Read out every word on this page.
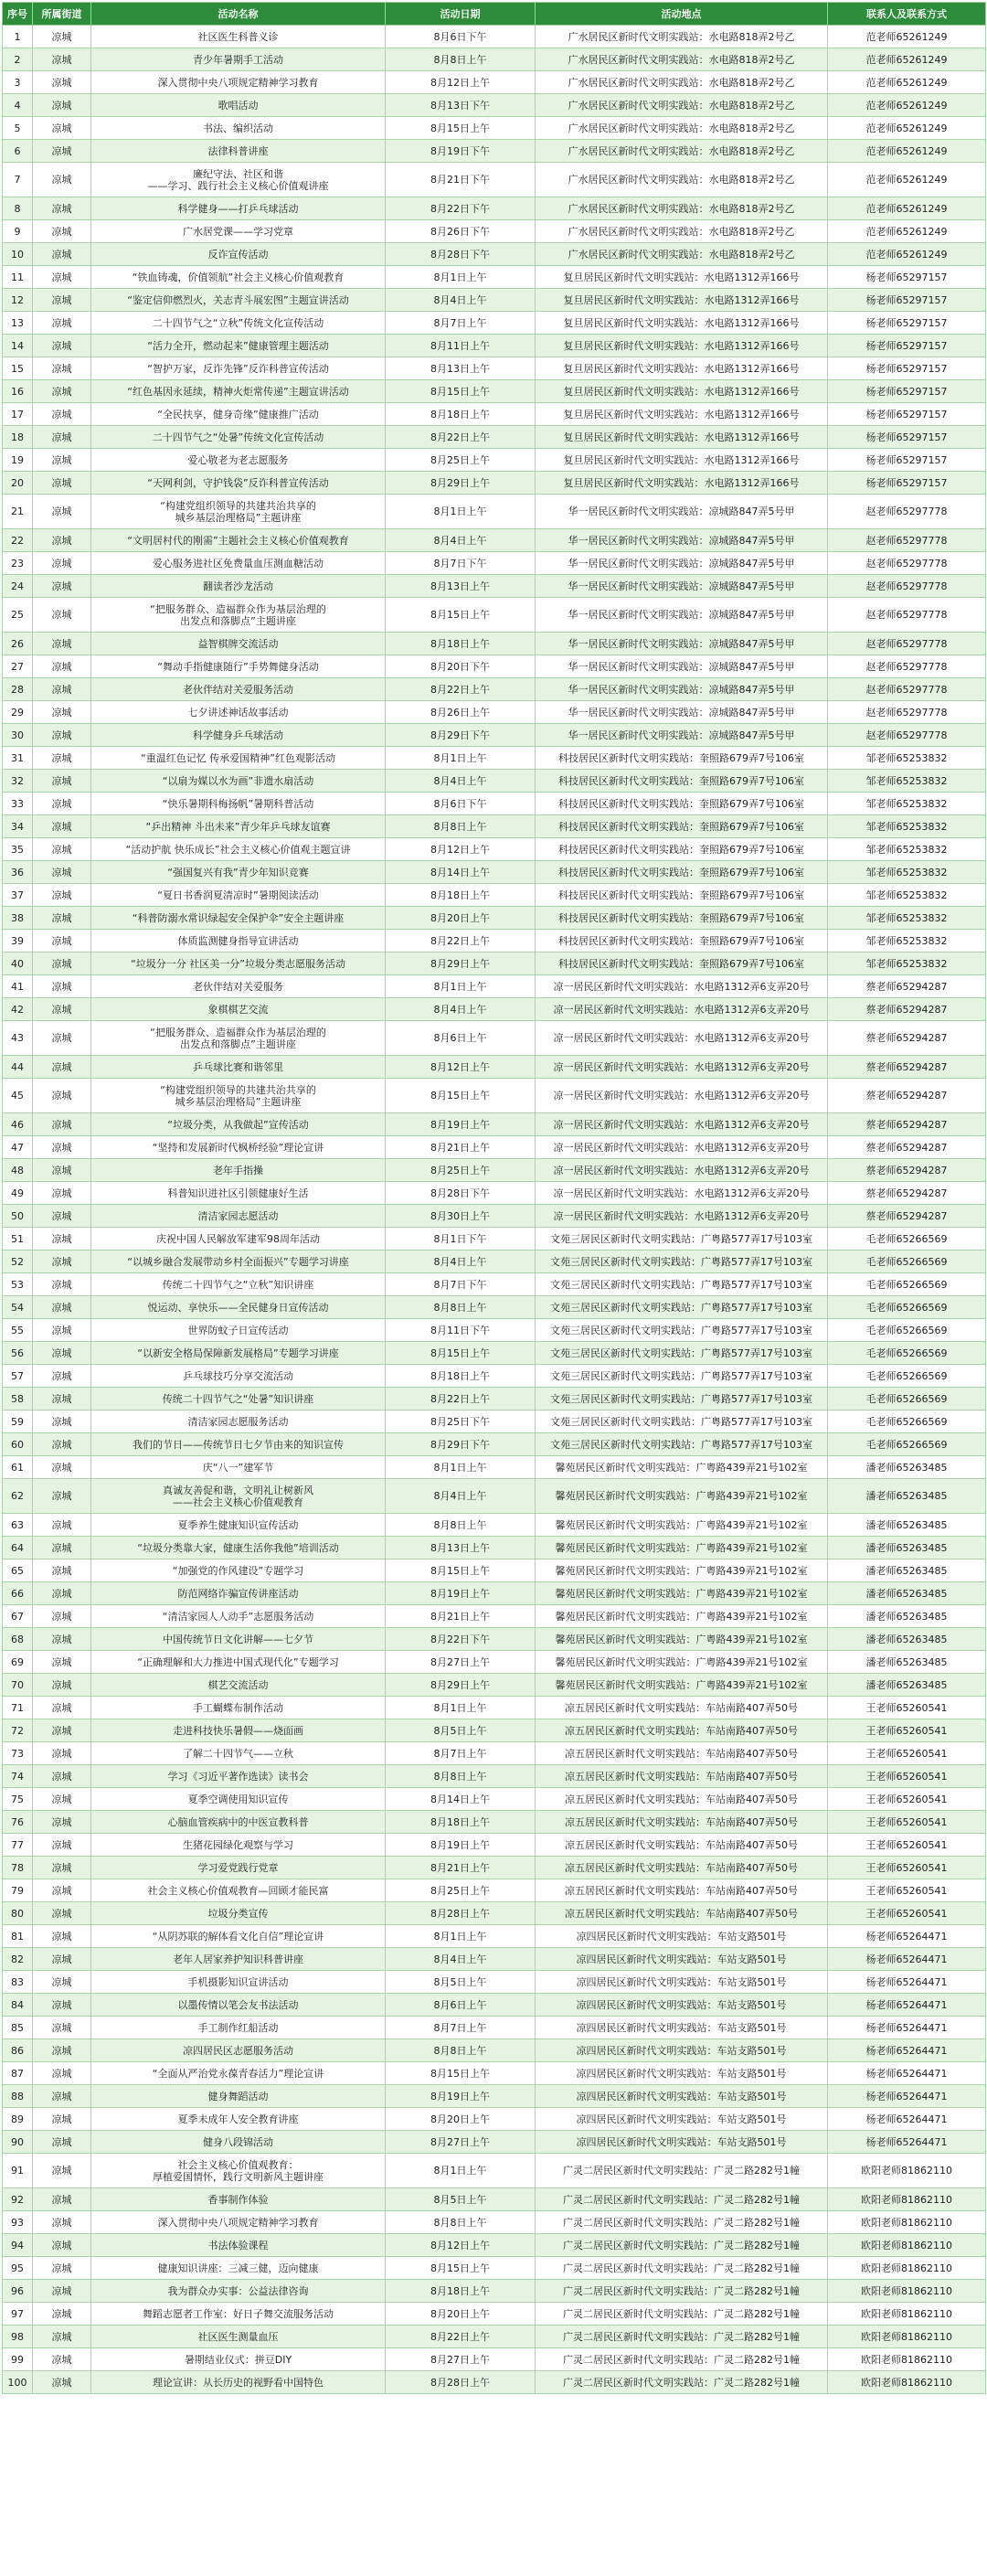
序号	所属街道	活动名称	活动日期	活动地点	联系人及联系方式
1	凉城	社区医生科普义诊	8月6日下午	广水居民区新时代文明实践站：水电路818弄2号乙	范老师65261249
2	凉城	青少年暑期手工活动	8月8日上午	广水居民区新时代文明实践站：水电路818弄2号乙	范老师65261249
3	凉城	深入贯彻中央八项规定精神学习教育	8月12日上午	广水居民区新时代文明实践站：水电路818弄2号乙	范老师65261249
4	凉城	歌唱活动	8月13日下午	广水居民区新时代文明实践站：水电路818弄2号乙	范老师65261249
5	凉城	书法、编织活动	8月15日上午	广水居民区新时代文明实践站：水电路818弄2号乙	范老师65261249
6	凉城	法律科普讲座	8月19日下午	广水居民区新时代文明实践站：水电路818弄2号乙	范老师65261249
7	凉城	廉纪守法、社区和谐
——学习、践行社会主义核心价值观讲座	8月21日下午	广水居民区新时代文明实践站：水电路818弄2号乙	范老师65261249
8	凉城	科学健身——打乒乓球活动	8月22日下午	广水居民区新时代文明实践站：水电路818弄2号乙	范老师65261249
9	凉城	广水居党课——学习党章	8月26日下午	广水居民区新时代文明实践站：水电路818弄2号乙	范老师65261249
10	凉城	反诈宣传活动	8月28日下午	广水居民区新时代文明实践站：水电路818弄2号乙	范老师65261249
11	凉城	“铁血铸魂，价值领航”社会主义核心价值观教育	8月1日上午	复旦居民区新时代文明实践站：水电路1312弄166号	杨老师65297157
12	凉城	“鉴定信仰燃烈火，关志青斗展宏图”主题宣讲活动	8月4日上午	复旦居民区新时代文明实践站：水电路1312弄166号	杨老师65297157
13	凉城	二十四节气之“立秋”传统文化宣传活动	8月7日上午	复旦居民区新时代文明实践站：水电路1312弄166号	杨老师65297157
14	凉城	“活力全开，燃动起来”健康管理主题活动	8月11日上午	复旦居民区新时代文明实践站：水电路1312弄166号	杨老师65297157
15	凉城	“智护万家，反诈先锋”反诈科普宣传活动	8月13日上午	复旦居民区新时代文明实践站：水电路1312弄166号	杨老师65297157
16	凉城	“红色基因永延续，精神火炬常传递”主题宣讲活动	8月15日上午	复旦居民区新时代文明实践站：水电路1312弄166号	杨老师65297157
17	凉城	“全民扶享，健身奇缘”健康推广活动	8月18日上午	复旦居民区新时代文明实践站：水电路1312弄166号	杨老师65297157
18	凉城	二十四节气之“处暑”传统文化宣传活动	8月22日上午	复旦居民区新时代文明实践站：水电路1312弄166号	杨老师65297157
19	凉城	爱心敬老为老志愿服务	8月25日上午	复旦居民区新时代文明实践站：水电路1312弄166号	杨老师65297157
20	凉城	“天网利剑，守护钱袋”反诈科普宣传活动	8月29日上午	复旦居民区新时代文明实践站：水电路1312弄166号	杨老师65297157
21	凉城	“构建党组织领导的共建共治共享的
城乡基层治理格局”主题讲座	8月1日上午	华一居民区新时代文明实践站：凉城路847弄5号甲	赵老师65297778
22	凉城	“文明居村代的刚需”主题社会主义核心价值观教育	8月4日上午	华一居民区新时代文明实践站：凉城路847弄5号甲	赵老师65297778
23	凉城	爱心服务进社区免费量血压测血糖活动	8月7日下午	华一居民区新时代文明实践站：凉城路847弄5号甲	赵老师65297778
24	凉城	翻读者沙龙活动	8月13日上午	华一居民区新时代文明实践站：凉城路847弄5号甲	赵老师65297778
25	凉城	“把服务群众、造福群众作为基层治理的
出发点和落脚点”主题讲座	8月15日上午	华一居民区新时代文明实践站：凉城路847弄5号甲	赵老师65297778
26	凉城	益智棋牌交流活动	8月18日上午	华一居民区新时代文明实践站：凉城路847弄5号甲	赵老师65297778
27	凉城	“舞动手指健康随行”手势舞健身活动	8月20日下午	华一居民区新时代文明实践站：凉城路847弄5号甲	赵老师65297778
28	凉城	老伙伴结对关爱服务活动	8月22日上午	华一居民区新时代文明实践站：凉城路847弄5号甲	赵老师65297778
29	凉城	七夕讲述神话故事活动	8月26日上午	华一居民区新时代文明实践站：凉城路847弄5号甲	赵老师65297778
30	凉城	科学健身乒乓球活动	8月29日下午	华一居民区新时代文明实践站：凉城路847弄5号甲	赵老师65297778
31	凉城	“重温红色记忆 传承爱国精神”红色观影活动	8月1日上午	科技居民区新时代文明实践站：奎照路679弄7号106室	邹老师65253832
32	凉城	“以扇为媒以水为画”非遗水扇活动	8月4日上午	科技居民区新时代文明实践站：奎照路679弄7号106室	邹老师65253832
33	凉城	“快乐暑期科梅扬帆”暑期科普活动	8月6日下午	科技居民区新时代文明实践站：奎照路679弄7号106室	邹老师65253832
34	凉城	“乒出精神 斗出未来”青少年乒乓球友谊赛	8月8日上午	科技居民区新时代文明实践站：奎照路679弄7号106室	邹老师65253832
35	凉城	“活动护航 快乐成长”社会主义核心价值观主题宣讲	8月12日上午	科技居民区新时代文明实践站：奎照路679弄7号106室	邹老师65253832
36	凉城	“强国复兴有我”青少年知识竞赛	8月14日上午	科技居民区新时代文明实践站：奎照路679弄7号106室	邹老师65253832
37	凉城	“夏日书香润夏清凉时”暑期阅读活动	8月18日上午	科技居民区新时代文明实践站：奎照路679弄7号106室	邹老师65253832
38	凉城	“科普防溺水常识绿起安全保护伞”安全主题讲座	8月20日上午	科技居民区新时代文明实践站：奎照路679弄7号106室	邹老师65253832
39	凉城	体质监测健身指导宣讲活动	8月22日上午	科技居民区新时代文明实践站：奎照路679弄7号106室	邹老师65253832
40	凉城	“垃圾分一分 社区美一分”垃圾分类志愿服务活动	8月29日上午	科技居民区新时代文明实践站：奎照路679弄7号106室	邹老师65253832
41	凉城	老伙伴结对关爱服务	8月1日上午	凉一居民区新时代文明实践站：水电路1312弄6支弄20号	蔡老师65294287
42	凉城	象棋棋艺交流	8月4日上午	凉一居民区新时代文明实践站：水电路1312弄6支弄20号	蔡老师65294287
43	凉城	“把服务群众、造福群众作为基层治理的
出发点和落脚点”主题讲座	8月6日上午	凉一居民区新时代文明实践站：水电路1312弄6支弄20号	蔡老师65294287
44	凉城	乒乓球比赛和谐邻里	8月12日上午	凉一居民区新时代文明实践站：水电路1312弄6支弄20号	蔡老师65294287
45	凉城	“构建党组织领导的共建共治共享的
城乡基层治理格局”主题讲座	8月15日上午	凉一居民区新时代文明实践站：水电路1312弄6支弄20号	蔡老师65294287
46	凉城	“垃圾分类，从我做起”宣传活动	8月19日上午	凉一居民区新时代文明实践站：水电路1312弄6支弄20号	蔡老师65294287
47	凉城	“坚持和发展新时代枫桥经验”理论宣讲	8月21日上午	凉一居民区新时代文明实践站：水电路1312弄6支弄20号	蔡老师65294287
48	凉城	老年手指操	8月25日上午	凉一居民区新时代文明实践站：水电路1312弄6支弄20号	蔡老师65294287
49	凉城	科普知识进社区引领健康好生活	8月28日下午	凉一居民区新时代文明实践站：水电路1312弄6支弄20号	蔡老师65294287
50	凉城	清洁家园志愿活动	8月30日上午	凉一居民区新时代文明实践站：水电路1312弄6支弄20号	蔡老师65294287
51	凉城	庆祝中国人民解放军建军98周年活动	8月1日下午	文苑三居民区新时代文明实践站：广粤路577弄17号103室	毛老师65266569
52	凉城	“以城乡融合发展带动乡村全面振兴”专题学习讲座	8月4日上午	文苑三居民区新时代文明实践站：广粤路577弄17号103室	毛老师65266569
53	凉城	传统二十四节气之“立秋”知识讲座	8月7日下午	文苑三居民区新时代文明实践站：广粤路577弄17号103室	毛老师65266569
54	凉城	悦运动、享快乐——全民健身日宣传活动	8月8日上午	文苑三居民区新时代文明实践站：广粤路577弄17号103室	毛老师65266569
55	凉城	世界防蚊子日宣传活动	8月11日下午	文苑三居民区新时代文明实践站：广粤路577弄17号103室	毛老师65266569
56	凉城	“以新安全格局保障新发展格局”专题学习讲座	8月15日上午	文苑三居民区新时代文明实践站：广粤路577弄17号103室	毛老师65266569
57	凉城	乒乓球技巧分享交流活动	8月18日上午	文苑三居民区新时代文明实践站：广粤路577弄17号103室	毛老师65266569
58	凉城	传统二十四节气之“处暑”知识讲座	8月22日上午	文苑三居民区新时代文明实践站：广粤路577弄17号103室	毛老师65266569
59	凉城	清洁家园志愿服务活动	8月25日下午	文苑三居民区新时代文明实践站：广粤路577弄17号103室	毛老师65266569
60	凉城	我们的节日——传统节日七夕节由来的知识宣传	8月29日下午	文苑三居民区新时代文明实践站：广粤路577弄17号103室	毛老师65266569
61	凉城	庆“八一”建军节	8月1日上午	馨苑居民区新时代文明实践站：广粤路439弄21号102室	潘老师65263485
62	凉城	真诚友善促和谐，文明礼让树新风
——社会主义核心价值观教育	8月4日上午	馨苑居民区新时代文明实践站：广粤路439弄21号102室	潘老师65263485
63	凉城	夏季养生健康知识宣传活动	8月8日上午	馨苑居民区新时代文明实践站：广粤路439弄21号102室	潘老师65263485
64	凉城	“垃圾分类靠大家，健康生活你我他”培训活动	8月13日上午	馨苑居民区新时代文明实践站：广粤路439弄21号102室	潘老师65263485
65	凉城	“加强党的作风建设”专题学习	8月15日上午	馨苑居民区新时代文明实践站：广粤路439弄21号102室	潘老师65263485
66	凉城	防范网络诈骗宣传讲座活动	8月19日上午	馨苑居民区新时代文明实践站：广粤路439弄21号102室	潘老师65263485
67	凉城	“清洁家园人人动手”志愿服务活动	8月21日上午	馨苑居民区新时代文明实践站：广粤路439弄21号102室	潘老师65263485
68	凉城	中国传统节日文化讲解——七夕节	8月22日下午	馨苑居民区新时代文明实践站：广粤路439弄21号102室	潘老师65263485
69	凉城	“正确理解和大力推进中国式现代化”专题学习	8月27日上午	馨苑居民区新时代文明实践站：广粤路439弄21号102室	潘老师65263485
70	凉城	棋艺交流活动	8月29日上午	馨苑居民区新时代文明实践站：广粤路439弄21号102室	潘老师65263485
71	凉城	手工蝴蝶布制作活动	8月1日上午	凉五居民区新时代文明实践站：车站南路407弄50号	王老师65260541
72	凉城	走进科技快乐暑假——烧面画	8月5日上午	凉五居民区新时代文明实践站：车站南路407弄50号	王老师65260541
73	凉城	了解二十四节气——立秋	8月7日上午	凉五居民区新时代文明实践站：车站南路407弄50号	王老师65260541
74	凉城	学习《习近平著作选读》读书会	8月8日上午	凉五居民区新时代文明实践站：车站南路407弄50号	王老师65260541
75	凉城	夏季空调使用知识宣传	8月14日上午	凉五居民区新时代文明实践站：车站南路407弄50号	王老师65260541
76	凉城	心脑血管疾病中的中医宣教科普	8月18日上午	凉五居民区新时代文明实践站：车站南路407弄50号	王老师65260541
77	凉城	生猪花园绿化观察与学习	8月19日上午	凉五居民区新时代文明实践站：车站南路407弄50号	王老师65260541
78	凉城	学习爱党践行党章	8月21日上午	凉五居民区新时代文明实践站：车站南路407弄50号	王老师65260541
79	凉城	社会主义核心价值观教育—回顾才能民富	8月25日上午	凉五居民区新时代文明实践站：车站南路407弄50号	王老师65260541
80	凉城	垃圾分类宣传	8月28日上午	凉五居民区新时代文明实践站：车站南路407弄50号	王老师65260541
81	凉城	“从阴苏联的解体看文化自信”理论宣讲	8月1日上午	凉四居民区新时代文明实践站：车站支路501号	杨老师65264471
82	凉城	老年人居家养护知识科普讲座	8月4日上午	凉四居民区新时代文明实践站：车站支路501号	杨老师65264471
83	凉城	手机摄影知识宣讲活动	8月5日上午	凉四居民区新时代文明实践站：车站支路501号	杨老师65264471
84	凉城	以墨传情以笔会友书法活动	8月6日上午	凉四居民区新时代文明实践站：车站支路501号	杨老师65264471
85	凉城	手工制作红船活动	8月7日上午	凉四居民区新时代文明实践站：车站支路501号	杨老师65264471
86	凉城	凉四居民区志愿服务活动	8月8日上午	凉四居民区新时代文明实践站：车站支路501号	杨老师65264471
87	凉城	“全面从严治党永葆青春活力”理论宣讲	8月15日上午	凉四居民区新时代文明实践站：车站支路501号	杨老师65264471
88	凉城	健身舞蹈活动	8月19日上午	凉四居民区新时代文明实践站：车站支路501号	杨老师65264471
89	凉城	夏季未成年人安全教育讲座	8月20日上午	凉四居民区新时代文明实践站：车站支路501号	杨老师65264471
90	凉城	健身八段锦活动	8月27日上午	凉四居民区新时代文明实践站：车站支路501号	杨老师65264471
91	凉城	社会主义核心价值观教育：
厚植爱国情怀，践行文明新风主题讲座	8月1日上午	广灵二居民区新时代文明实践站：广灵二路282号1幢	欧阳老师81862110
92	凉城	香事制作体验	8月5日上午	广灵二居民区新时代文明实践站：广灵二路282号1幢	欧阳老师81862110
93	凉城	深入贯彻中央八项规定精神学习教育	8月8日上午	广灵二居民区新时代文明实践站：广灵二路282号1幢	欧阳老师81862110
94	凉城	书法体验课程	8月12日上午	广灵二居民区新时代文明实践站：广灵二路282号1幢	欧阳老师81862110
95	凉城	健康知识讲座：三减三健，迈向健康	8月15日上午	广灵二居民区新时代文明实践站：广灵二路282号1幢	欧阳老师81862110
96	凉城	我为群众办实事：公益法律咨询	8月18日上午	广灵二居民区新时代文明实践站：广灵二路282号1幢	欧阳老师81862110
97	凉城	舞蹈志愿者工作室：好日子舞交流服务活动	8月20日上午	广灵二居民区新时代文明实践站：广灵二路282号1幢	欧阳老师81862110
98	凉城	社区医生测量血压	8月22日上午	广灵二居民区新时代文明实践站：广灵二路282号1幢	欧阳老师81862110
99	凉城	暑期结业仪式：拼豆DIY	8月27日上午	广灵二居民区新时代文明实践站：广灵二路282号1幢	欧阳老师81862110
100	凉城	理论宣讲：从长历史的视野看中国特色	8月28日上午	广灵二居民区新时代文明实践站：广灵二路282号1幢	欧阳老师81862110
